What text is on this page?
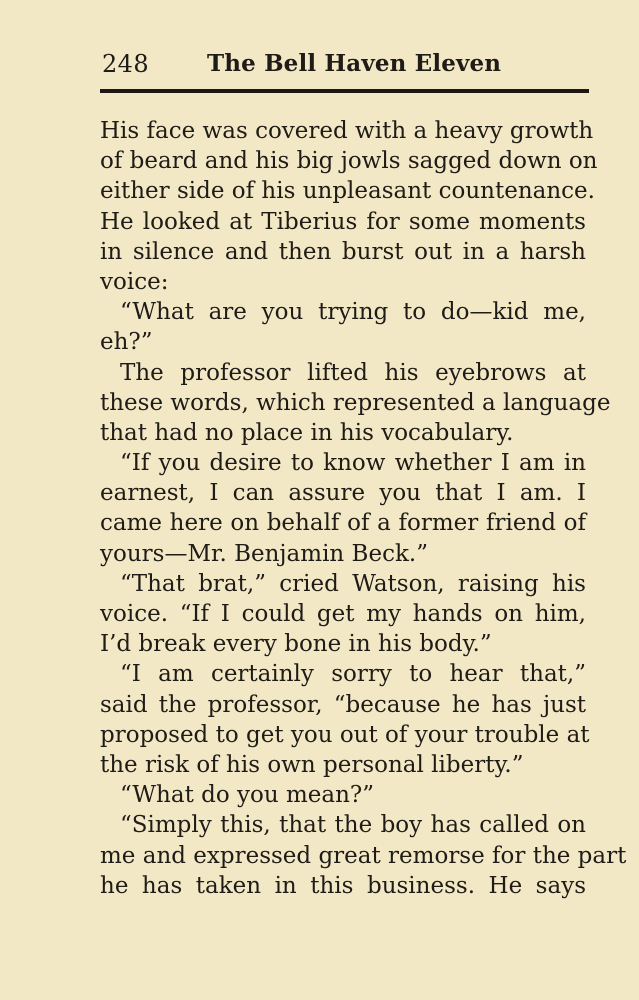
248	The Bell Haven Eleven
His face was covered with a heavy growth
of beard and his big jowls sagged down on
either side of his unpleasant countenance.
He looked at Tiberius for some moments
in silence and then burst out in a harsh
voice:
“What are you trying to do—kid me,
eh?”
The professor lifted his eyebrows at
these words, which represented a language
that had no place in his vocabulary.
“If you desire to know whether I am in
earnest, I can assure you that I am. I
came here on behalf of a former friend of
yours—Mr. Benjamin Beck.”
“That brat,” cried Watson, raising his
voice. “If I could get my hands on him,
I’d break every bone in his body.”
“I am certainly sorry to hear that,”
said the professor, “because he has just
proposed to get you out of your trouble at
the risk of his own personal liberty.”
“What do you mean?”
“Simply this, that the boy has called on
me and expressed great remorse for the part
he has taken in this business. He says
